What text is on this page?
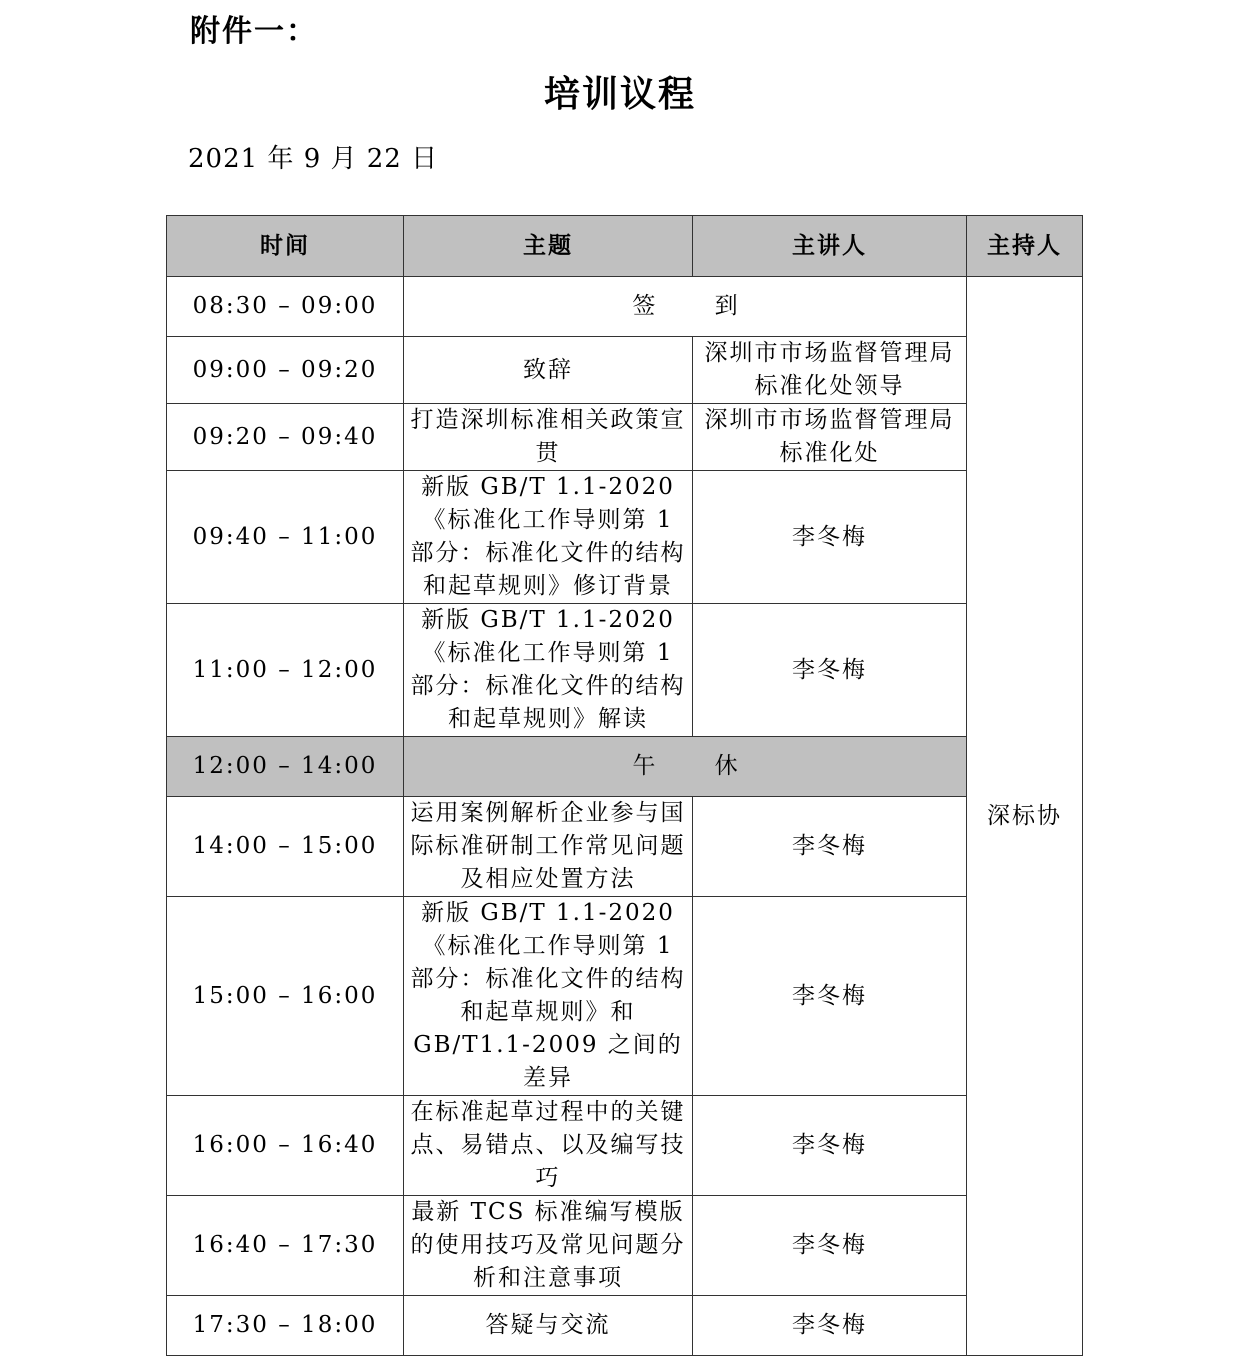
附件一：
培训议程
2021 年 9 月 22 日
时间	主题	主讲人	主持人
08:30 – 09:00	签 到		深标协
09:00 – 09:20	致辞	深圳市市场监督管理局标准化处领导	
09:20 – 09:40	打造深圳标准相关政策宣贯	深圳市市场监督管理局标准化处	
09:40 – 11:00	新版 GB/T 1.1-2020《标准化工作导则第 1 部分：标准化文件的结构和起草规则》修订背景	李冬梅	
11:00 – 12:00	新版 GB/T 1.1-2020《标准化工作导则第 1 部分：标准化文件的结构和起草规则》解读	李冬梅	
12:00 – 14:00	午 休		
14:00 – 15:00	运用案例解析企业参与国际标准研制工作常见问题及相应处置方法	李冬梅	
15:00 – 16:00	新版 GB/T 1.1-2020《标准化工作导则第 1 部分：标准化文件的结构和起草规则》和 GB/T1.1-2009 之间的差异	李冬梅	
16:00 – 16:40	在标准起草过程中的关键点、易错点、以及编写技巧	李冬梅	
16:40 – 17:30	最新 TCS 标准编写模版的使用技巧及常见问题分析和注意事项	李冬梅	
17:30 – 18:00	答疑与交流	李冬梅	
